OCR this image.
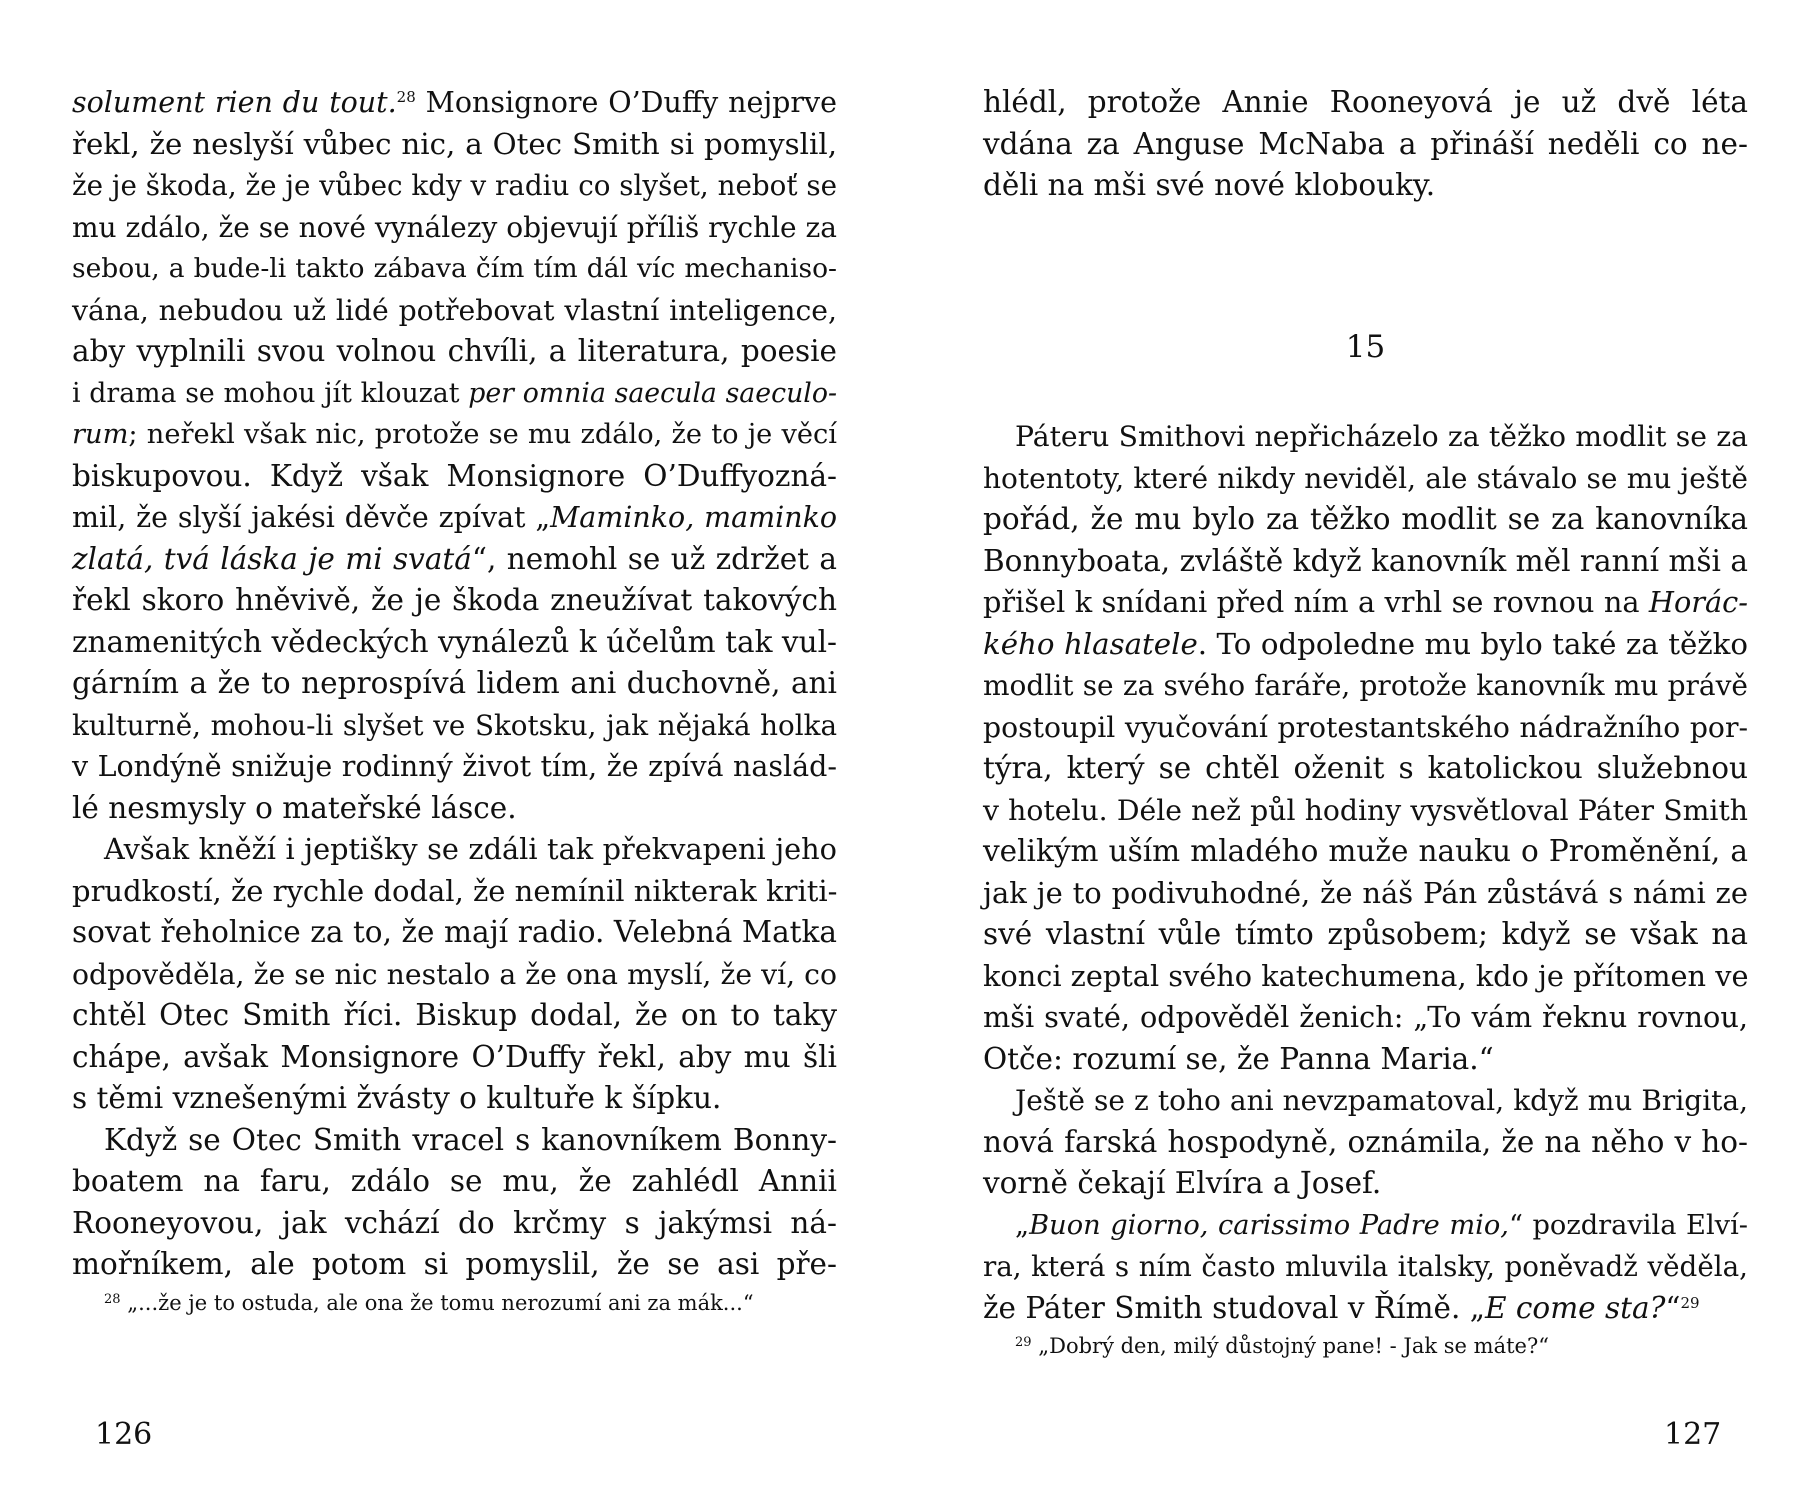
solument rien du tout.$^{28}$ Monsignore O’Duffy nejprve
řekl, že neslyší vůbec nic, a Otec Smith si pomyslil,
že je škoda, že je vůbec kdy v radiu co slyšet, neboť se
mu zdálo, že se nové vynálezy objevují příliš rychle za
sebou, a bude-li takto zábava čím tím dál víc mechaniso-
vána, nebudou už lidé potřebovat vlastní inteligence,
aby vyplnili svou volnou chvíli, a literatura, poesie
i drama se mohou jít klouzat per omnia saecula saeculo-
rum; neřekl však nic, protože se mu zdálo, že to je věcí
biskupovou. Když však Monsignore O’Duffyozná-
mil, že slyší jakési děvče zpívat „Maminko, maminko
zlatá, tvá láska je mi svatá“, nemohl se už zdržet a
řekl skoro hněvivě, že je škoda zneužívat takových
znamenitých vědeckých vynálezů k účelům tak vul-
gárním a že to neprospívá lidem ani duchovně, ani
kulturně, mohou-li slyšet ve Skotsku, jak nějaká holka
v Londýně snižuje rodinný život tím, že zpívá naslád-
lé nesmysly o mateřské lásce.
Avšak kněží i jeptišky se zdáli tak překvapeni jeho
prudkostí, že rychle dodal, že nemínil nikterak kriti-
sovat řeholnice za to, že mají radio. Velebná Matka
odpověděla, že se nic nestalo a že ona myslí, že ví, co
chtěl Otec Smith říci. Biskup dodal, že on to taky
chápe, avšak Monsignore O’Duffy řekl, aby mu šli
s těmi vznešenými žvásty o kultuře k šípku.
Když se Otec Smith vracel s kanovníkem Bonny-
boatem na faru, zdálo se mu, že zahlédl Annii
Rooneyovou, jak vchází do krčmy s jakýmsi ná-
mořníkem, ale potom si pomyslil, že se asi pře-
$^{28}$ „...že je to ostuda, ale ona že tomu nerozumí ani za mák...“
126
hlédl, protože Annie Rooneyová je už dvě léta
vdána za Anguse McNaba a přináší neděli co ne-
děli na mši své nové klobouky.
15
Páteru Smithovi nepřicházelo za těžko modlit se za
hotentoty, které nikdy neviděl, ale stávalo se mu ještě
pořád, že mu bylo za těžko modlit se za kanovníka
Bonnyboata, zvláště když kanovník měl ranní mši a
přišel k snídani před ním a vrhl se rovnou na Horác-
kého hlasatele. To odpoledne mu bylo také za těžko
modlit se za svého faráře, protože kanovník mu právě
postoupil vyučování protestantského nádražního por-
týra, který se chtěl oženit s katolickou služebnou
v hotelu. Déle než půl hodiny vysvětloval Páter Smith
velikým uším mladého muže nauku o Proměnění, a
jak je to podivuhodné, že náš Pán zůstává s námi ze
své vlastní vůle tímto způsobem; když se však na
konci zeptal svého katechumena, kdo je přítomen ve
mši svaté, odpověděl ženich: „To vám řeknu rovnou,
Otče: rozumí se, že Panna Maria.“
Ještě se z toho ani nevzpamatoval, když mu Brigita,
nová farská hospodyně, oznámila, že na něho v ho-
vorně čekají Elvíra a Josef.
„Buon giorno, carissimo Padre mio,“ pozdravila Elví-
ra, která s ním často mluvila italsky, poněvadž věděla,
že Páter Smith studoval v Římě. „E come sta?“$^{29}$
$^{29}$ „Dobrý den, milý důstojný pane! - Jak se máte?“
127
